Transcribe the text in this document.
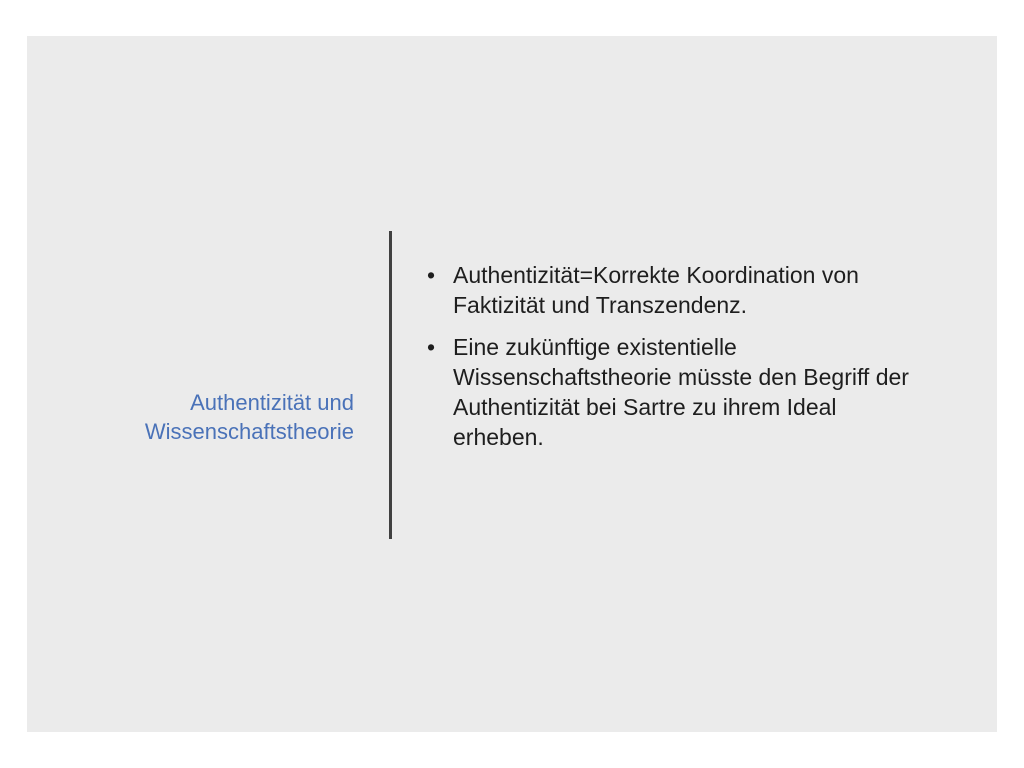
Authentizität und Wissenschaftstheorie
• Authentizität=Korrekte Koordination von Faktizität und Transzendenz.
• Eine zukünftige existentielle Wissenschaftstheorie müsste den Begriff der Authentizität bei Sartre zu ihrem Ideal erheben.
